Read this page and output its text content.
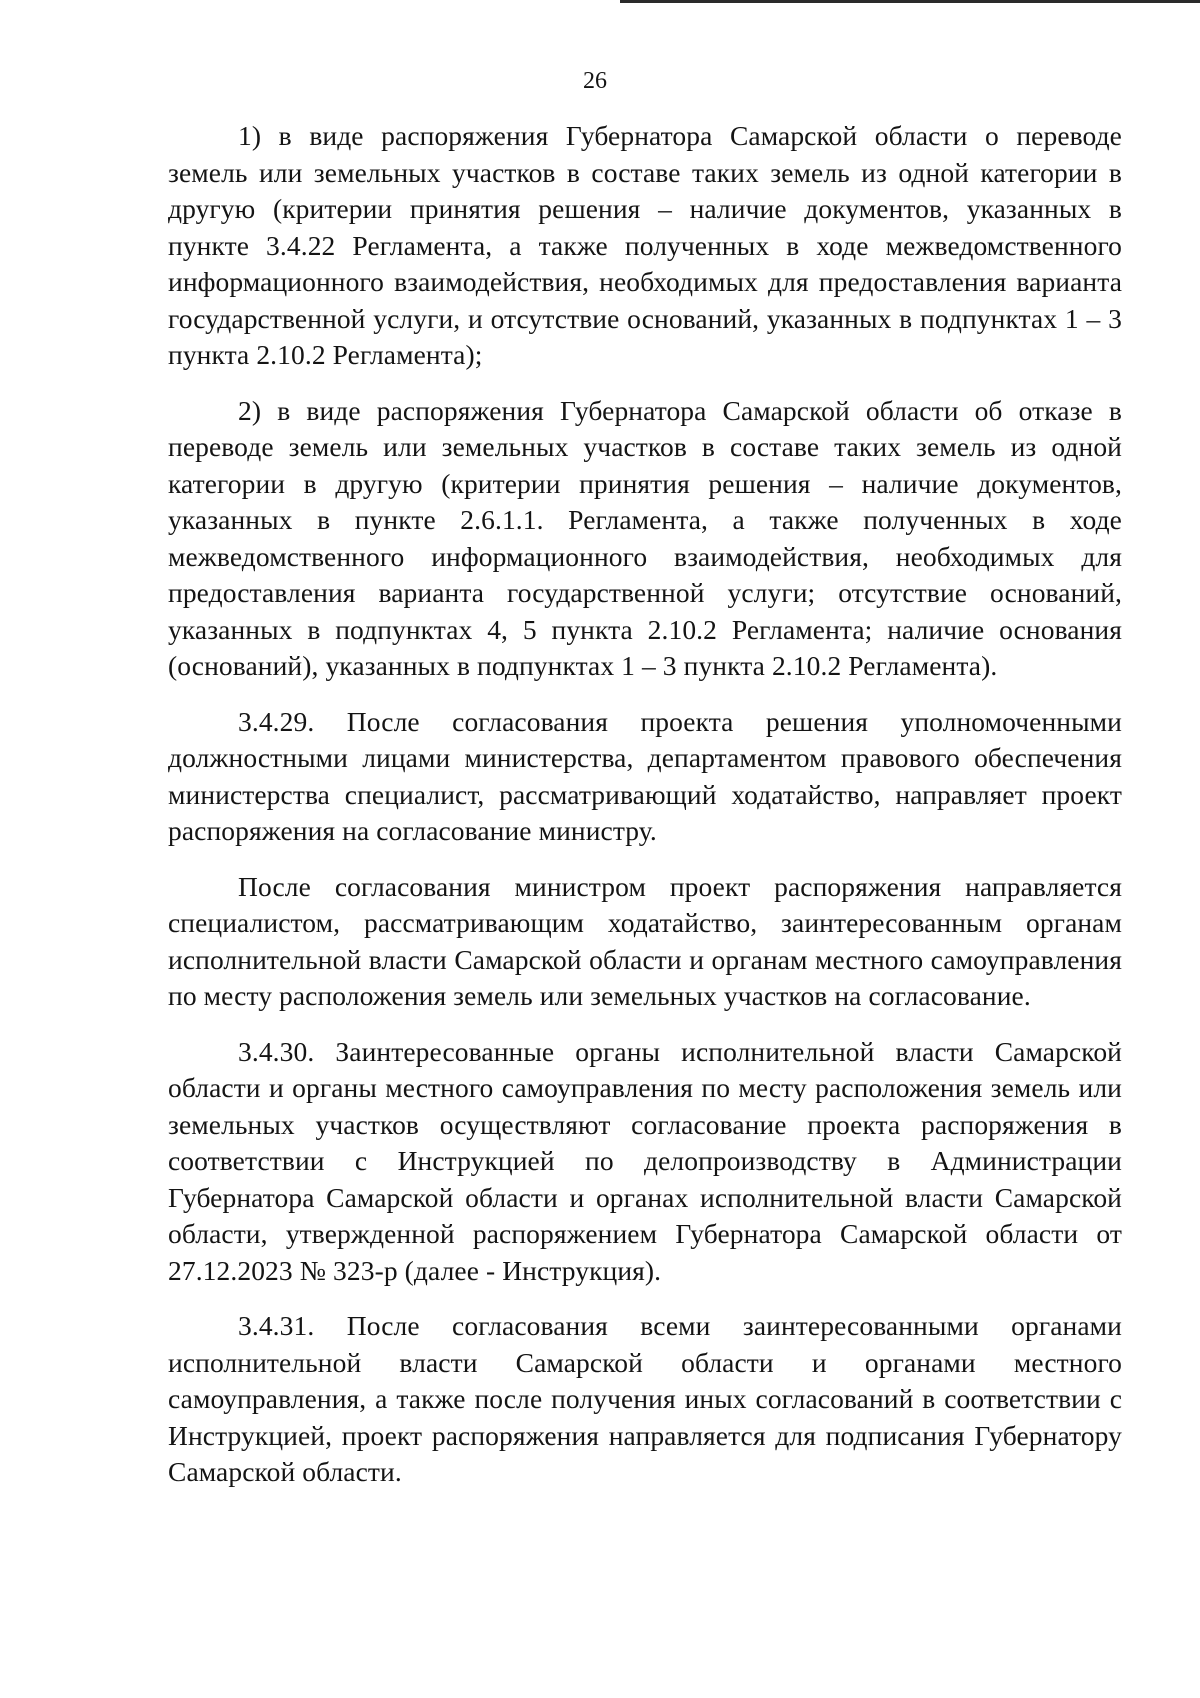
26

1) в виде распоряжения Губернатора Самарской области о переводе земель или земельных участков в составе таких земель из одной категории в другую (критерии принятия решения – наличие документов, указанных в пункте 3.4.22 Регламента, а также полученных в ходе межведомственного информационного взаимодействия, необходимых для предоставления варианта государственной услуги, и отсутствие оснований, указанных в подпунктах 1 – 3 пункта 2.10.2 Регламента);

2) в виде распоряжения Губернатора Самарской области об отказе в переводе земель или земельных участков в составе таких земель из одной категории в другую (критерии принятия решения – наличие документов, указанных в пункте 2.6.1.1. Регламента, а также полученных в ходе межведомственного информационного взаимодействия, необходимых для предоставления варианта государственной услуги; отсутствие оснований, указанных в подпунктах 4, 5 пункта 2.10.2 Регламента; наличие основания (оснований), указанных в подпунктах 1 – 3 пункта 2.10.2 Регламента).

3.4.29. После согласования проекта решения уполномоченными должностными лицами министерства, департаментом правового обеспечения министерства специалист, рассматривающий ходатайство, направляет проект распоряжения на согласование министру.

После согласования министром проект распоряжения направляется специалистом, рассматривающим ходатайство, заинтересованным органам исполнительной власти Самарской области и органам местного самоуправления по месту расположения земель или земельных участков на согласование.

3.4.30. Заинтересованные органы исполнительной власти Самарской области и органы местного самоуправления по месту расположения земель или земельных участков осуществляют согласование проекта распоряжения в соответствии с Инструкцией по делопроизводству в Администрации Губернатора Самарской области и органах исполнительной власти Самарской области, утвержденной распоряжением Губернатора Самарской области от 27.12.2023 № 323-р (далее - Инструкция).

3.4.31. После согласования всеми заинтересованными органами исполнительной власти Самарской области и органами местного самоуправления, а также после получения иных согласований в соответствии с Инструкцией, проект распоряжения направляется для подписания Губернатору Самарской области.
